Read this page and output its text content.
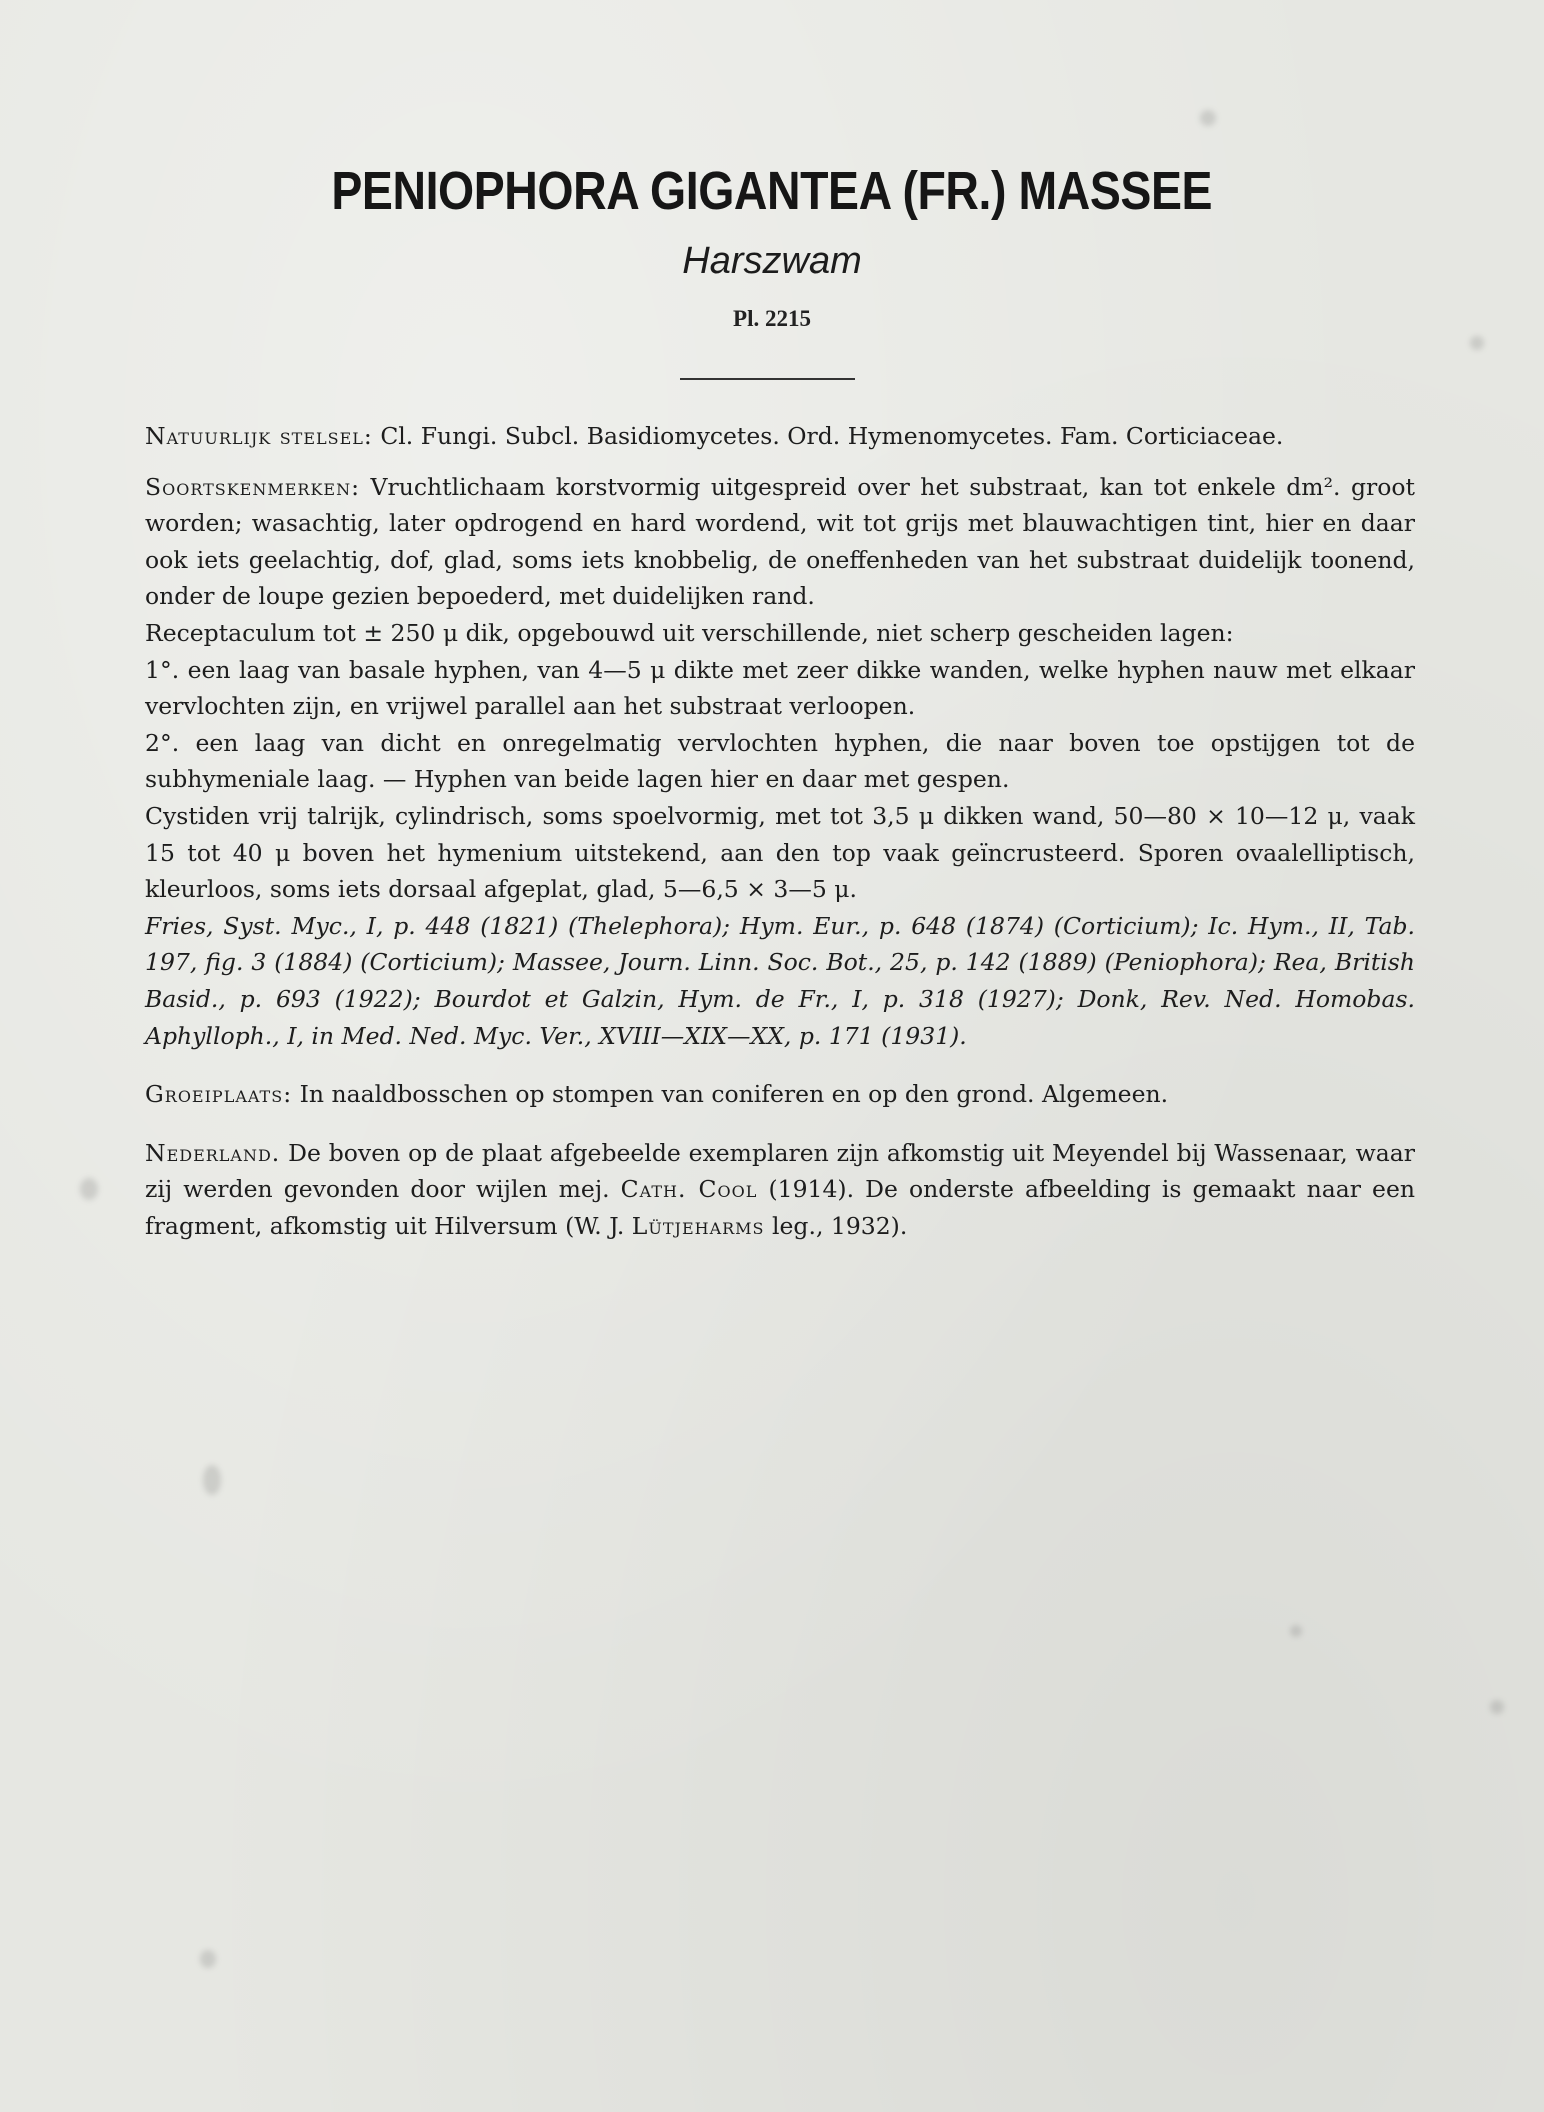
PENIOPHORA GIGANTEA (FR.) MASSEE
Harszwam
Pl. 2215

Natuurlijk stelsel: Cl. Fungi. Subcl. Basidiomycetes. Ord. Hymenomycetes. Fam. Corticiaceae.

Soortskenmerken: Vruchtlichaam korstvormig uitgespreid over het substraat, kan tot enkele dm². groot worden; wasachtig, later opdrogend en hard wordend, wit tot grijs met blauwachtigen tint, hier en daar ook iets geelachtig, dof, glad, soms iets knobbelig, de oneffenheden van het substraat duidelijk toonend, onder de loupe gezien bepoederd, met duidelijken rand.

Receptaculum tot ± 250 μ dik, opgebouwd uit verschillende, niet scherp gescheiden lagen:

1°. een laag van basale hyphen, van 4—5 μ dikte met zeer dikke wanden, welke hyphen nauw met elkaar vervlochten zijn, en vrijwel parallel aan het substraat verloopen.

2°. een laag van dicht en onregelmatig vervlochten hyphen, die naar boven toe opstijgen tot de subhymeniale laag. — Hyphen van beide lagen hier en daar met gespen.

Cystiden vrij talrijk, cylindrisch, soms spoelvormig, met tot 3,5 μ dikken wand, 50—80 × 10—12 μ, vaak 15 tot 40 μ boven het hymenium uitstekend, aan den top vaak geïncrusteerd. Sporen ovaalelliptisch, kleurloos, soms iets dorsaal afgeplat, glad, 5—6,5 × 3—5 μ.

Fries, Syst. Myc., I, p. 448 (1821) (Thelephora); Hym. Eur., p. 648 (1874) (Corticium); Ic. Hym., II, Tab. 197, fig. 3 (1884) (Corticium); Massee, Journ. Linn. Soc. Bot., 25, p. 142 (1889) (Peniophora); Rea, British Basid., p. 693 (1922); Bourdot et Galzin, Hym. de Fr., I, p. 318 (1927); Donk, Rev. Ned. Homobas. Aphylloph., I, in Med. Ned. Myc. Ver., XVIII—XIX—XX, p. 171 (1931).

Groeiplaats: In naaldbosschen op stompen van coniferen en op den grond. Algemeen.

Nederland. De boven op de plaat afgebeelde exemplaren zijn afkomstig uit Meyendel bij Wassenaar, waar zij werden gevonden door wijlen mej. Cath. Cool (1914). De onderste afbeelding is gemaakt naar een fragment, afkomstig uit Hilversum (W. J. Lütjeharms leg., 1932).
